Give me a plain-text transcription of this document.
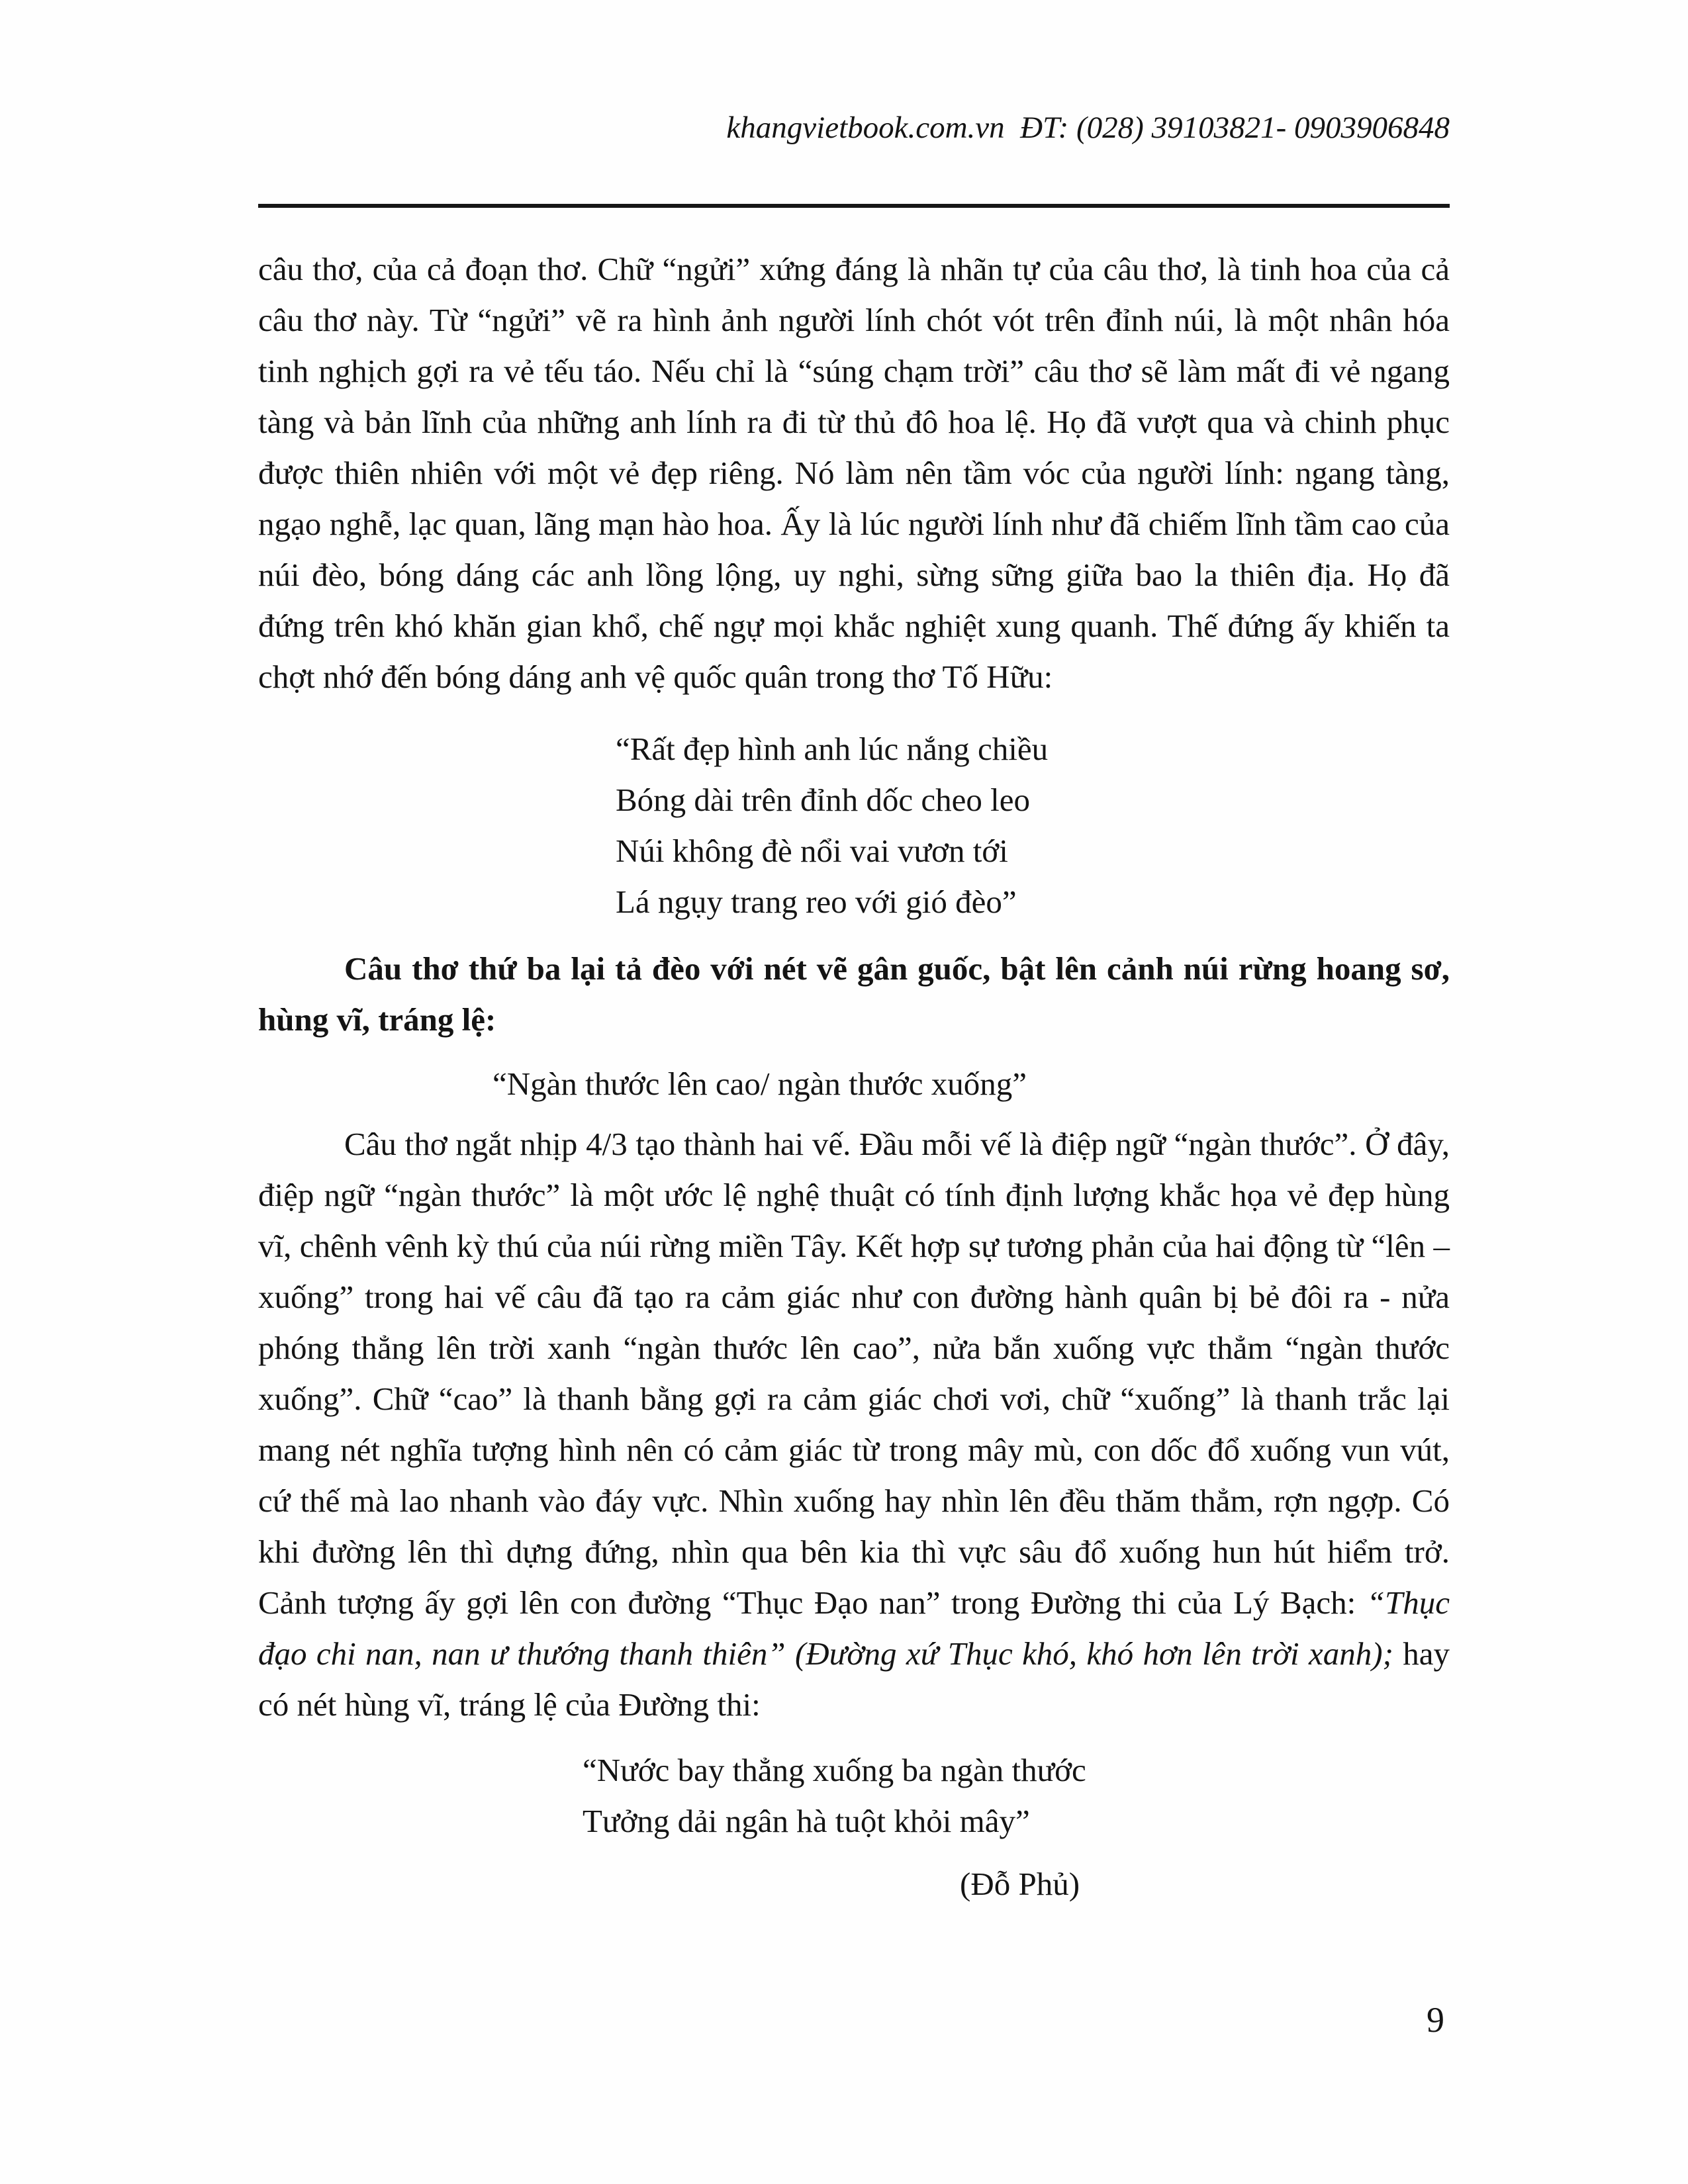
khangvietbook.com.vn  ĐT: (028) 39103821- 0903906848

câu thơ, của cả đoạn thơ. Chữ “ngửi” xứng đáng là nhãn tự của câu thơ, là tinh hoa của cả câu thơ này. Từ “ngửi” vẽ ra hình ảnh người lính chót vót trên đỉnh núi, là một nhân hóa tinh nghịch gợi ra vẻ tếu táo. Nếu chỉ là “súng chạm trời” câu thơ sẽ làm mất đi vẻ ngang tàng và bản lĩnh của những anh lính ra đi từ thủ đô hoa lệ. Họ đã vượt qua và chinh phục được thiên nhiên với một vẻ đẹp riêng. Nó làm nên tầm vóc của người lính: ngang tàng, ngạo nghễ, lạc quan, lãng mạn hào hoa. Ấy là lúc người lính như đã chiếm lĩnh tầm cao của núi đèo, bóng dáng các anh lồng lộng, uy nghi, sừng sững giữa bao la thiên địa. Họ đã đứng trên khó khăn gian khổ, chế ngự mọi khắc nghiệt xung quanh. Thế đứng ấy khiến ta chợt nhớ đến bóng dáng anh vệ quốc quân trong thơ Tố Hữu:

“Rất đẹp hình anh lúc nắng chiều
Bóng dài trên đỉnh dốc cheo leo
Núi không đè nổi vai vươn tới
Lá ngụy trang reo với gió đèo”

Câu thơ thứ ba lại tả đèo với nét vẽ gân guốc, bật lên cảnh núi rừng hoang sơ, hùng vĩ, tráng lệ:

“Ngàn thước lên cao/ ngàn thước xuống”

Câu thơ ngắt nhịp 4/3 tạo thành hai vế. Đầu mỗi vế là điệp ngữ “ngàn thước”. Ở đây, điệp ngữ “ngàn thước” là một ước lệ nghệ thuật có tính định lượng khắc họa vẻ đẹp hùng vĩ, chênh vênh kỳ thú của núi rừng miền Tây. Kết hợp sự tương phản của hai động từ “lên – xuống” trong hai vế câu đã tạo ra cảm giác như con đường hành quân bị bẻ đôi ra - nửa phóng thẳng lên trời xanh “ngàn thước lên cao”, nửa bắn xuống vực thẳm “ngàn thước xuống”. Chữ “cao” là thanh bằng gợi ra cảm giác chơi vơi, chữ “xuống” là thanh trắc lại mang nét nghĩa tượng hình nên có cảm giác từ trong mây mù, con dốc đổ xuống vun vút, cứ thế mà lao nhanh vào đáy vực. Nhìn xuống hay nhìn lên đều thăm thẳm, rợn ngợp. Có khi đường lên thì dựng đứng, nhìn qua bên kia thì vực sâu đổ xuống hun hút hiểm trở. Cảnh tượng ấy gợi lên con đường “Thục Đạo nan” trong Đường thi của Lý Bạch: “Thục đạo chi nan, nan ư thướng thanh thiên” (Đường xứ Thục khó, khó hơn lên trời xanh); hay có nét hùng vĩ, tráng lệ của Đường thi:

“Nước bay thẳng xuống ba ngàn thước
Tưởng dải ngân hà tuột khỏi mây”
(Đỗ Phủ)
9
